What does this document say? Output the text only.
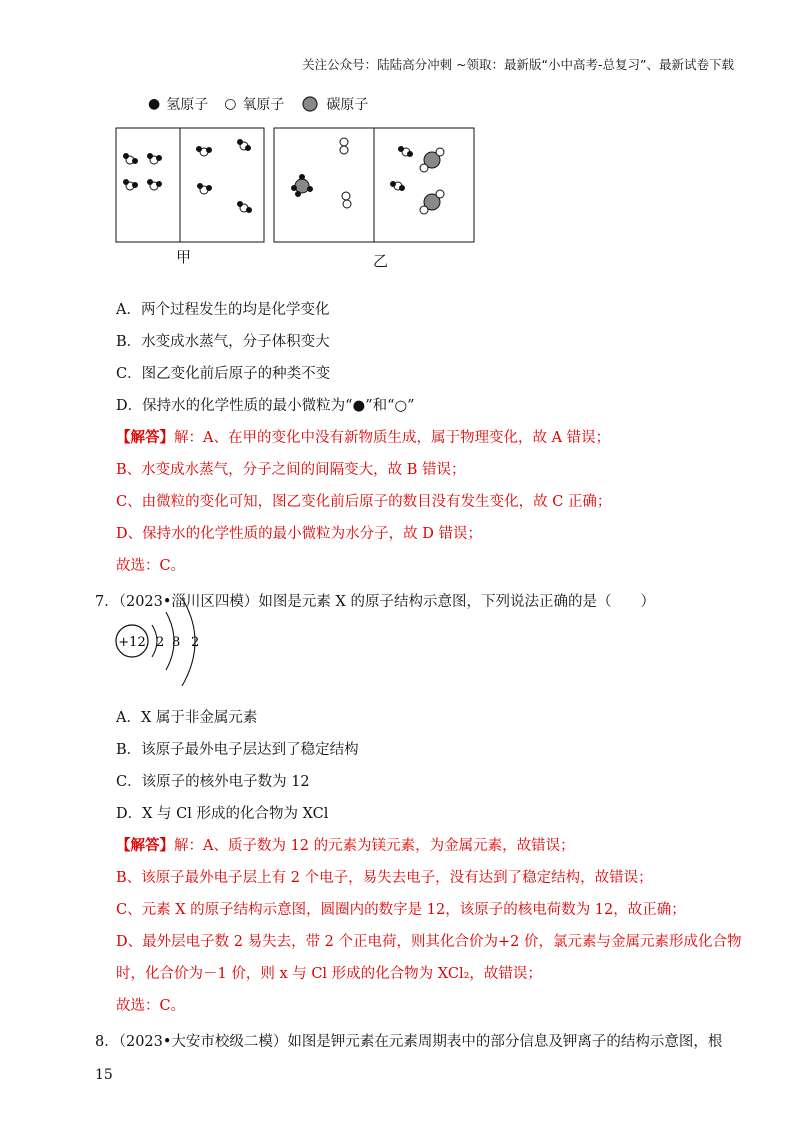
关注公众号：陆陆高分冲刺 ~领取：最新版“小中高考-总复习”、最新试卷下载
● 氢原子 ○ 氧原子	碳原子
甲	乙
A．两个过程发生的均是化学变化
B．水变成水蒸气，分子体积变大
C．图乙变化前后原子的种类不变
D．保持水的化学性质的最小微粒为“●”和“○”
【解答】解：A、在甲的变化中没有新物质生成，属于物理变化，故 A 错误；
B、水变成水蒸气，分子之间的间隔变大，故 B 错误；
C、由微粒的变化可知，图乙变化前后原子的数目没有发生变化，故 C 正确；
D、保持水的化学性质的最小微粒为水分子，故 D 错误；
故选：C。
7．（2023•淄川区四模）如图是元素 X 的原子结构示意图，下列说法正确的是（　　）
+12 2 8 2
A．X 属于非金属元素
B．该原子最外电子层达到了稳定结构
C．该原子的核外电子数为 12
D．X 与 Cl 形成的化合物为 XCl
【解答】解：A、质子数为 12 的元素为镁元素，为金属元素，故错误；
B、该原子最外电子层上有 2 个电子，易失去电子，没有达到了稳定结构，故错误；
C、元素 X 的原子结构示意图，圆圈内的数字是 12，该原子的核电荷数为 12，故正确；
D、最外层电子数 2 易失去，带 2 个正电荷，则其化合价为+2 价，氯元素与金属元素形成化合物
时，化合价为－1 价，则 x 与 Cl 形成的化合物为 XCl₂，故错误；
故选：C。
8．（2023•大安市校级二模）如图是钾元素在元素周期表中的部分信息及钾离子的结构示意图，根
15
